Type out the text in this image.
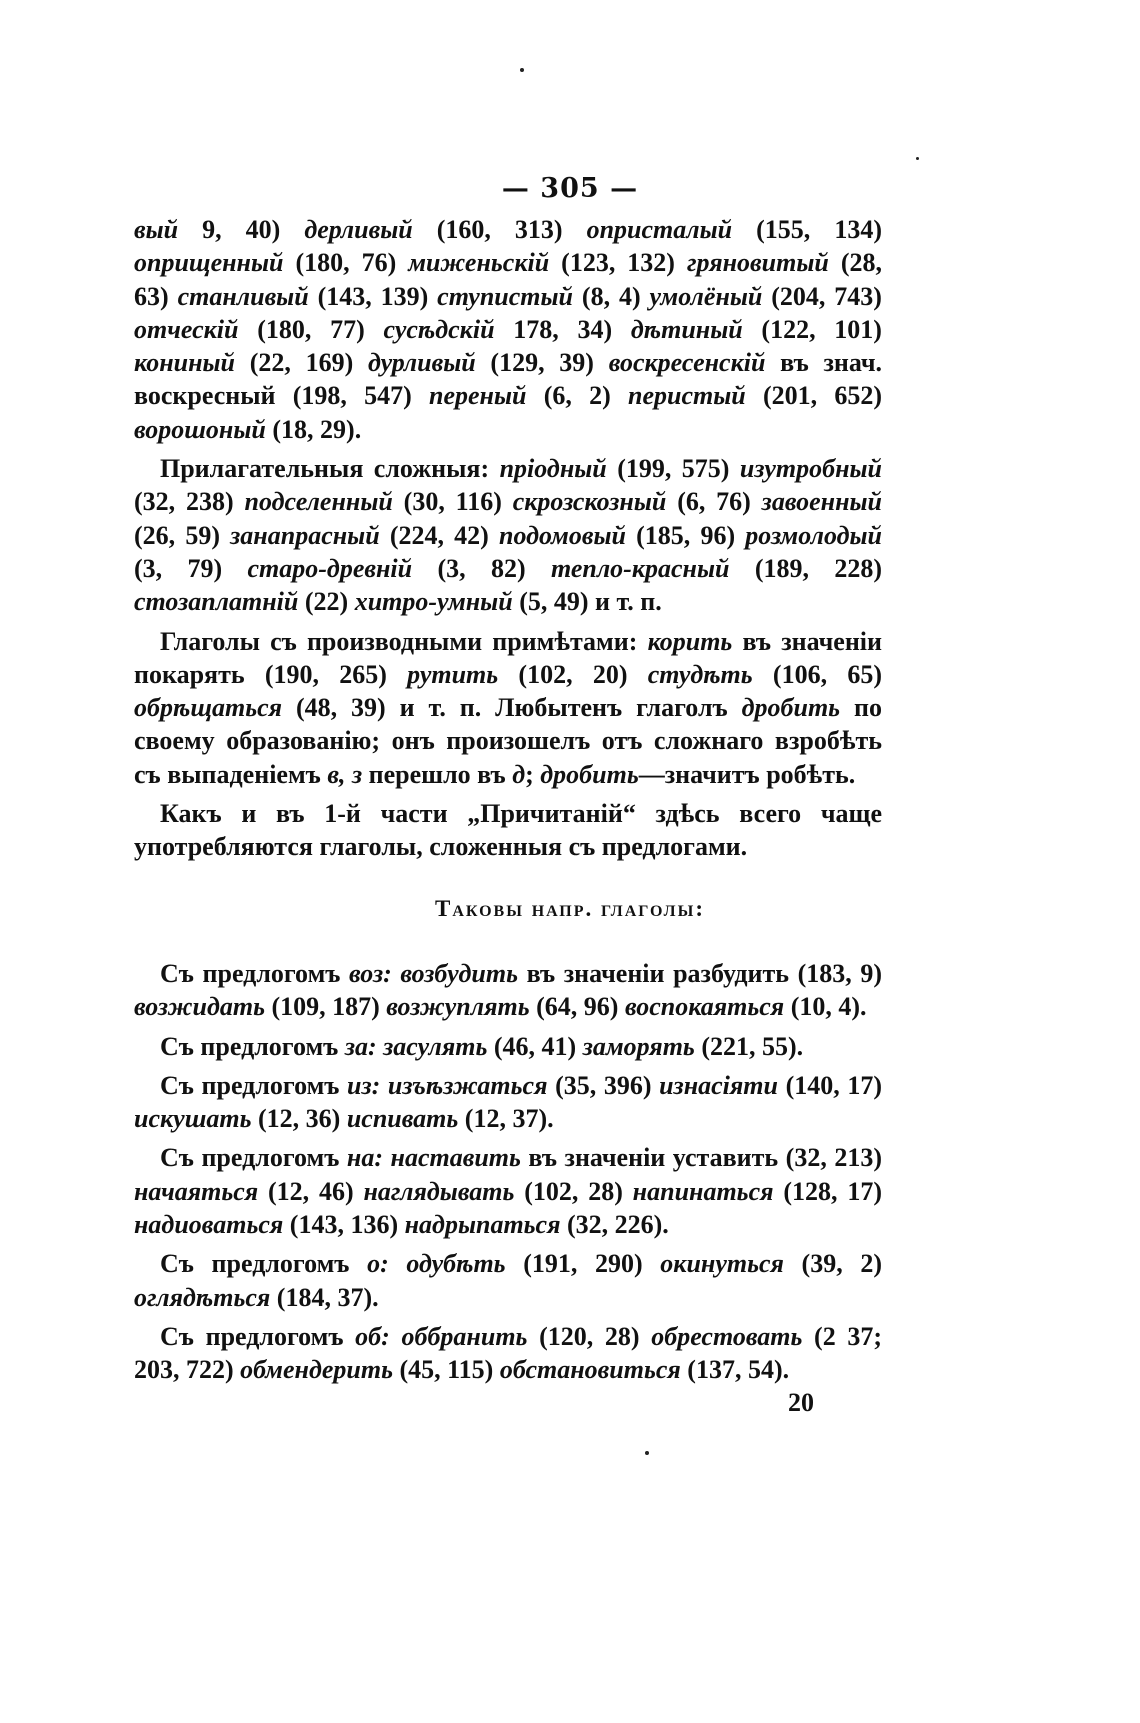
— 305 —

вый 9, 40) дерливый (160, 313) опристалый (155, 134) оприщенный (180, 76) миженьскій (123, 132) гряновитый (28, 63) станливый (143, 139) ступистый (8, 4) умолёный (204, 743) отческій (180, 77) сусѣдскій 178, 34) дѣтиный (122, 101) кониный (22, 169) дурливый (129, 39) воскресенскій въ знач. воскресный (198, 547) переный (6, 2) перистый (201, 652) ворошоный (18, 29).

Прилагательныя сложныя: пріодный (199, 575) изутробный (32, 238) подселенный (30, 116) скрозскозный (6, 76) завоенный (26, 59) занапрасный (224, 42) подомовый (185, 96) розмолодый (3, 79) старо-древній (3, 82) тепло-красный (189, 228) стозаплатній (22) хитро-умный (5, 49) и т. п.

Глаголы съ производными примѣтами: корить въ значеніи покарять (190, 265) рутить (102, 20) студѣть (106, 65) обрѣщаться (48, 39) и т. п. Любытенъ глаголъ дробить по своему образованію; онъ произошелъ отъ сложнаго взробѣть съ выпаденіемъ в, з перешло въ д; дробить—значитъ робѣть.

Какъ и въ 1-й части „Причитаній“ здѣсь всего чаще употребляются глаголы, сложенныя съ предлогами.

Таковы напр. глаголы:

Съ предлогомъ воз: возбудить въ значеніи разбудить (183, 9) возжидать (109, 187) возжуплять (64, 96) воспокаяться (10, 4).

Съ предлогомъ за: засулять (46, 41) заморять (221, 55).

Съ предлогомъ из: изъѣзжаться (35, 396) изнасіяти (140, 17) искушать (12, 36) испивать (12, 37).

Съ предлогомъ на: наставить въ значеніи уставить (32, 213) начаяться (12, 46) наглядывать (102, 28) напинаться (128, 17) надиоваться (143, 136) надрыпаться (32, 226).

Съ предлогомъ о: одубѣть (191, 290) окинуться (39, 2) оглядѣться (184, 37).

Съ предлогомъ об: оббранить (120, 28) обрестовать (2 37; 203, 722) обмендерить (45, 115) обстановиться (137, 54).

20
